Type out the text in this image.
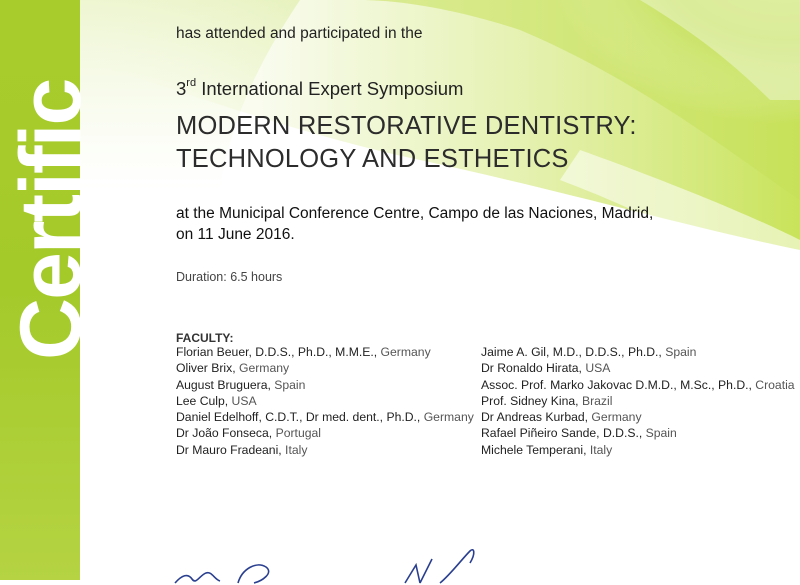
Certific
has attended and participated in the
3rd International Expert Symposium
MODERN RESTORATIVE DENTISTRY:
TECHNOLOGY AND ESTHETICS
at the Municipal Conference Centre, Campo de las Naciones, Madrid,
on 11 June 2016.
Duration: 6.5 hours
FACULTY:
Florian Beuer, D.D.S., Ph.D., M.M.E., Germany
Oliver Brix, Germany
August Bruguera, Spain
Lee Culp, USA
Daniel Edelhoff, C.D.T., Dr med. dent., Ph.D., Germany
Dr João Fonseca, Portugal
Dr Mauro Fradeani, Italy
Jaime A. Gil, M.D., D.D.S., Ph.D., Spain
Dr Ronaldo Hirata, USA
Assoc. Prof. Marko Jakovac D.M.D., M.Sc., Ph.D., Croatia
Prof. Sidney Kina, Brazil
Dr Andreas Kurbad, Germany
Rafael Piñeiro Sande, D.D.S., Spain
Michele Temperani, Italy
